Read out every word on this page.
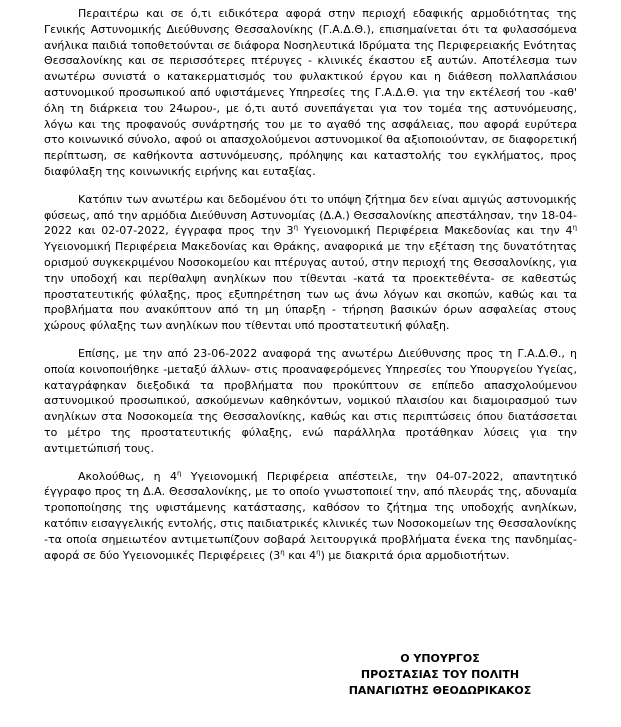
Περαιτέρω και σε ό,τι ειδικότερα αφορά στην περιοχή εδαφικής αρμοδιότητας της Γενικής Αστυνομικής Διεύθυνσης Θεσσαλονίκης (Γ.Α.Δ.Θ.), επισημαίνεται ότι τα φυλασσόμενα ανήλικα παιδιά τοποθετούνται σε διάφορα Νοσηλευτικά Ιδρύματα της Περιφερειακής Ενότητας Θεσσαλονίκης και σε περισσότερες πτέρυγες - κλινικές έκαστου εξ αυτών. Αποτέλεσμα των ανωτέρω συνιστά ο κατακερματισμός του φυλακτικού έργου και η διάθεση πολλαπλάσιου αστυνομικού προσωπικού από υφιστάμενες Υπηρεσίες της Γ.Α.Δ.Θ. για την εκτέλεσή του -καθ' όλη τη διάρκεια του 24ωρου-, με ό,τι αυτό συνεπάγεται για τον τομέα της αστυνόμευσης, λόγω και της προφανούς συνάρτησής του με το αγαθό της ασφάλειας, που αφορά ευρύτερα στο κοινωνικό σύνολο, αφού οι απασχολούμενοι αστυνομικοί θα αξιοποιούνταν, σε διαφορετική περίπτωση, σε καθήκοντα αστυνόμευσης, πρόληψης και καταστολής του εγκλήματος, προς διαφύλαξη της κοινωνικής ειρήνης και ευταξίας.

Κατόπιν των ανωτέρω και δεδομένου ότι το υπόψη ζήτημα δεν είναι αμιγώς αστυνομικής φύσεως, από την αρμόδια Διεύθυνση Αστυνομίας (Δ.Α.) Θεσσαλονίκης απεστάλησαν, την 18-04-2022 και 02-07-2022, έγγραφα προς την $3^\eta$ Υγειονομική Περιφέρεια Μακεδονίας και την $4^\eta$ Υγειονομική Περιφέρεια Μακεδονίας και Θράκης, αναφορικά με την εξέταση της δυνατότητας ορισμού συγκεκριμένου Νοσοκομείου και πτέρυγας αυτού, στην περιοχή της Θεσσαλονίκης, για την υποδοχή και περίθαλψη ανηλίκων που τίθενται -κατά τα προεκτεθέντα- σε καθεστώς προστατευτικής φύλαξης, προς εξυπηρέτηση των ως άνω λόγων και σκοπών, καθώς και τα προβλήματα που ανακύπτουν από τη μη ύπαρξη - τήρηση βασικών όρων ασφαλείας στους χώρους φύλαξης των ανηλίκων που τίθενται υπό προστατευτική φύλαξη.

Επίσης, με την από 23-06-2022 αναφορά της ανωτέρω Διεύθυνσης προς τη Γ.Α.Δ.Θ., η οποία κοινοποιήθηκε -μεταξύ άλλων- στις προαναφερόμενες Υπηρεσίες του Υπουργείου Υγείας, καταγράφηκαν διεξοδικά τα προβλήματα που προκύπτουν σε επίπεδο απασχολούμενου αστυνομικού προσωπικού, ασκούμενων καθηκόντων, νομικού πλαισίου και διαμοιρασμού των ανηλίκων στα Νοσοκομεία της Θεσσαλονίκης, καθώς και στις περιπτώσεις όπου διατάσσεται το μέτρο της προστατευτικής φύλαξης, ενώ παράλληλα προτάθηκαν λύσεις για την αντιμετώπισή τους.

Ακολούθως, η $4^\eta$ Υγειονομική Περιφέρεια απέστειλε, την 04-07-2022, απαντητικό έγγραφο προς τη Δ.Α. Θεσσαλονίκης, με το οποίο γνωστοποιεί την, από πλευράς της, αδυναμία τροποποίησης της υφιστάμενης κατάστασης, καθόσον το ζήτημα της υποδοχής ανηλίκων, κατόπιν εισαγγελικής εντολής, στις παιδιατρικές κλινικές των Νοσοκομείων της Θεσσαλονίκης -τα οποία σημειωτέον αντιμετωπίζουν σοβαρά λειτουργικά προβλήματα ένεκα της πανδημίας- αφορά σε δύο Υγειονομικές Περιφέρειες ($3^\eta$ και $4^\eta$) με διακριτά όρια αρμοδιοτήτων.

Ο ΥΠΟΥΡΓΟΣ
ΠΡΟΣΤΑΣΙΑΣ ΤΟΥ ΠΟΛΙΤΗ
ΠΑΝΑΓΙΩΤΗΣ ΘΕΟΔΩΡΙΚΑΚΟΣ
